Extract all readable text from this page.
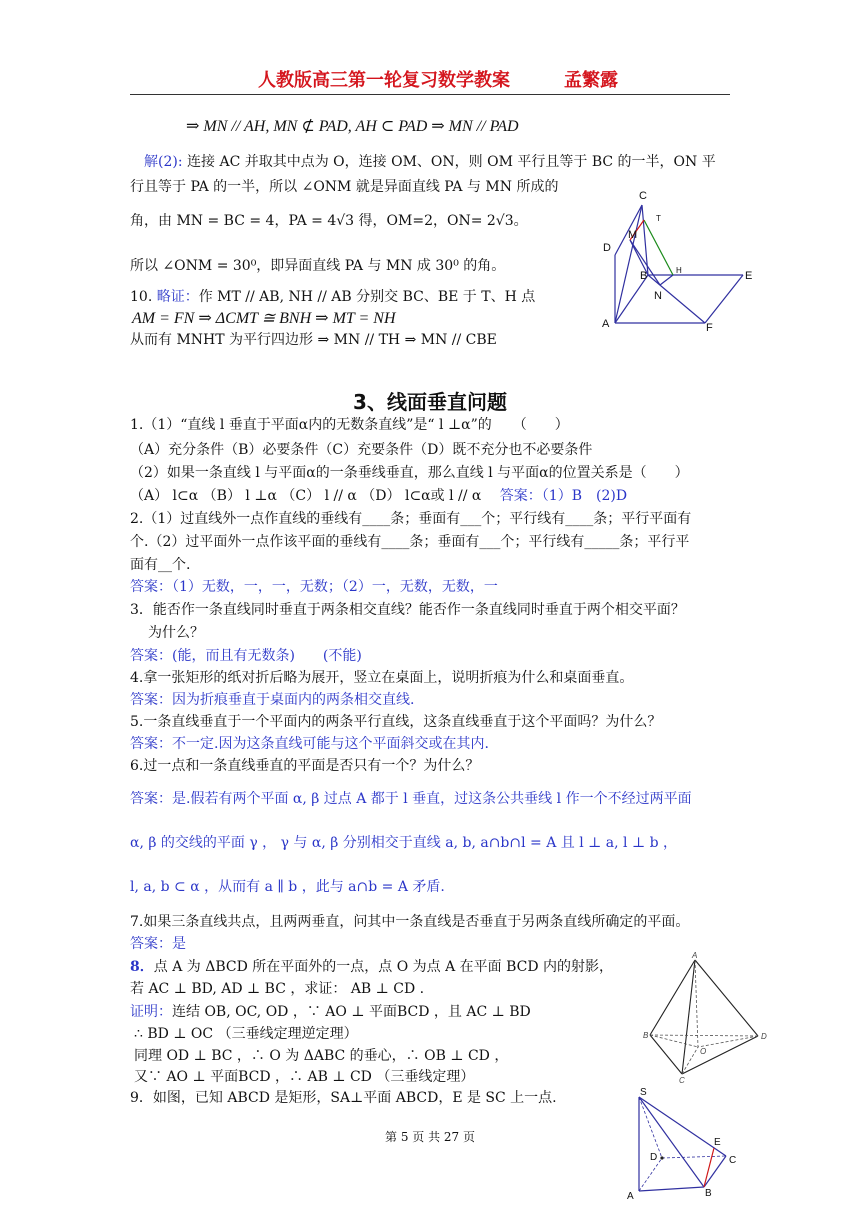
人教版高三第一轮复习数学教案	孟繁露
⇒ MN // AH, MN ⊄ PAD, AH ⊂ PAD ⇒ MN // PAD
解(2): 连接 AC 并取其中点为 O，连接 OM、ON，则 OM 平行且等于 BC 的一半，ON 平
行且等于 PA 的一半，所以 ∠ONM 就是异面直线 PA 与 MN 所成的
角，由 MN = BC = 4，PA = 4√3 得，OM=2，ON= 2√3。
所以 ∠ONM = 30⁰，即异面直线 PA 与 MN 成 30⁰ 的角。
10. 略证：作 MT // AB, NH // AB 分别交 BC、BE 于 T、H 点
AM = FN ⇒ ΔCMT ≅ BNH ⇒ MT = NH
从而有 MNHT 为平行四边形 ⇒ MN // TH ⇒ MN // CBE
C
T
M
D
B	H	E
N
A	F
3、线面垂直问题
1.（1）“直线 l 垂直于平面α内的无数条直线”是“ l ⊥α”的　　（　　）
（A）充分条件（B）必要条件（C）充要条件（D）既不充分也不必要条件
（2）如果一条直线 l 与平面α的一条垂线垂直，那么直线 l 与平面α的位置关系是（　　）
（A） l⊂α （B） l ⊥α （C） l // α （D） l⊂α或 l // α 答案：（1）B　(2)D
2.（1）过直线外一点作直线的垂线有____条；垂面有___个；平行线有____条；平行平面有
个.（2）过平面外一点作该平面的垂线有____条；垂面有___个；平行线有_____条；平行平
面有__个.
答案：（1）无数，一，一，无数；（2）一，无数，无数，一
3．能否作一条直线同时垂直于两条相交直线？能否作一条直线同时垂直于两个相交平面？
为什么？
答案：(能，而且有无数条)　　(不能)
4.拿一张矩形的纸对折后略为展开，竖立在桌面上，说明折痕为什么和桌面垂直。
答案：因为折痕垂直于桌面内的两条相交直线.
5.一条直线垂直于一个平面内的两条平行直线，这条直线垂直于这个平面吗？为什么？
答案：不一定.因为这条直线可能与这个平面斜交或在其内.
6.过一点和一条直线垂直的平面是否只有一个？为什么？
答案：是.假若有两个平面 α, β 过点 A 都于 l 垂直，过这条公共垂线 l 作一个不经过两平面
α, β 的交线的平面 γ ， γ 与 α, β 分别相交于直线 a, b, a∩b∩l = A 且 l ⊥ a, l ⊥ b ，
l, a, b ⊂ α ，从而有 a ∥ b ，此与 a∩b = A 矛盾.
7.如果三条直线共点，且两两垂直，问其中一条直线是否垂直于另两条直线所确定的平面。
答案：是
8．点 A 为 ΔBCD 所在平面外的一点，点 O 为点 A 在平面 BCD 内的射影，
若 AC ⊥ BD, AD ⊥ BC ，求证： AB ⊥ CD .
证明：连结 OB, OC, OD ，∵ AO ⊥ 平面BCD ，且 AC ⊥ BD
∴ BD ⊥ OC （三垂线定理逆定理）
同理 OD ⊥ BC ，∴ O 为 ΔABC 的垂心，∴ OB ⊥ CD ，
又∵ AO ⊥ 平面BCD ，∴ AB ⊥ CD （三垂线定理）
9．如图，已知 ABCD 是矩形，SA⊥平面 ABCD，E 是 SC 上一点.
A
B
C
D
O
S
E
D	C
A	B
第 5 页 共 27 页
